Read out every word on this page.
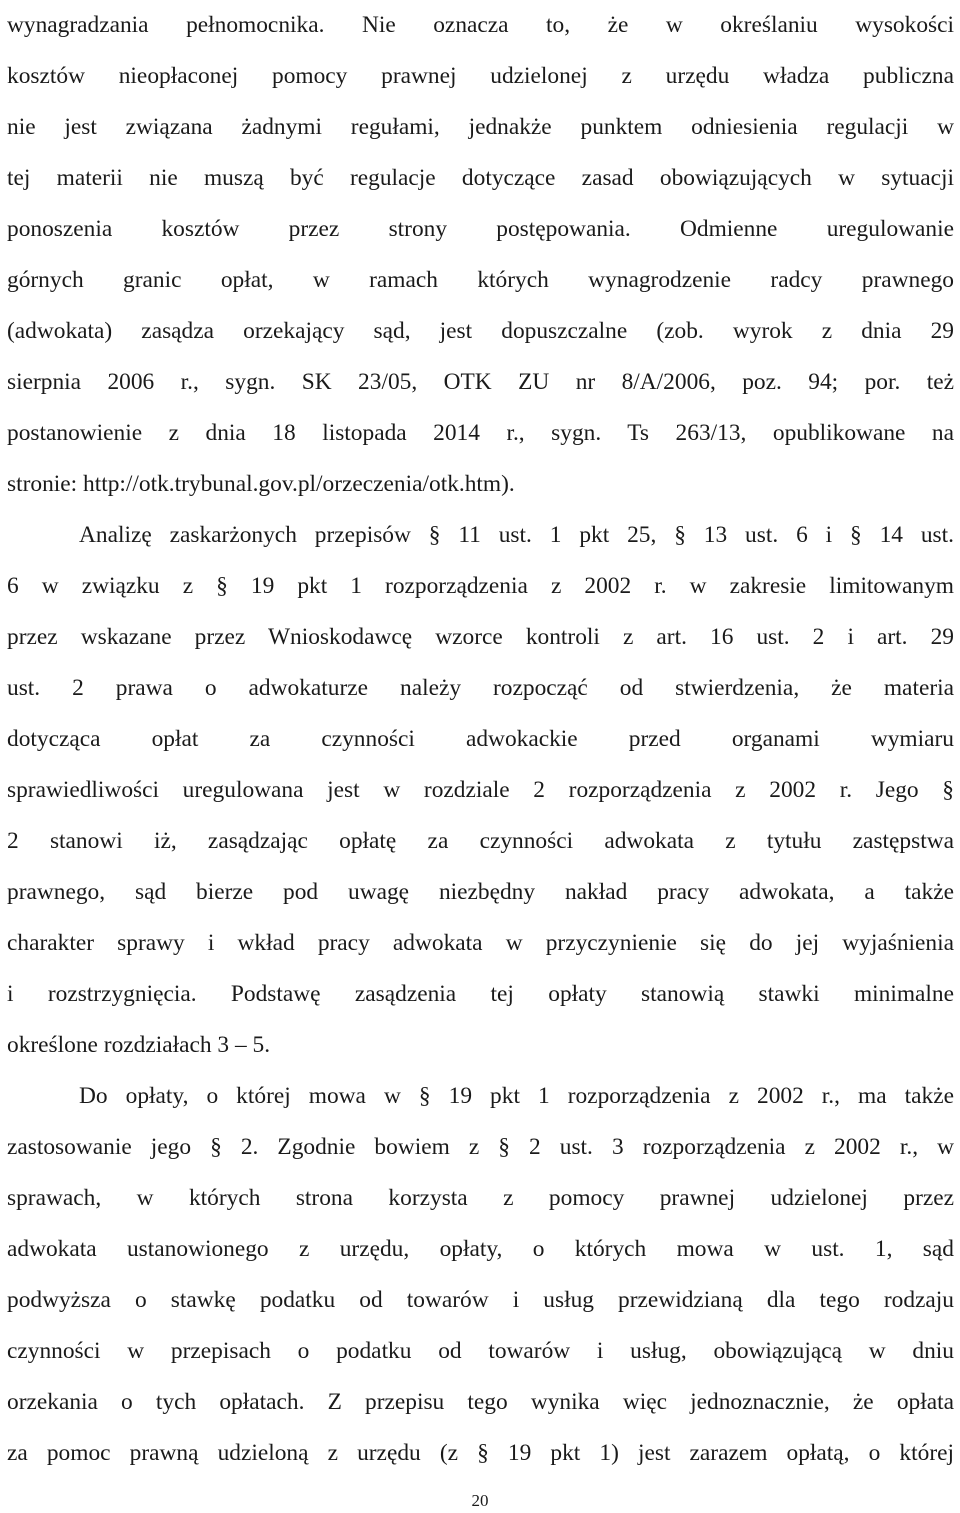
wynagradzania pełnomocnika. Nie oznacza to, że w określaniu wysokości
kosztów nieopłaconej pomocy prawnej udzielonej z urzędu władza publiczna
nie jest związana żadnymi regułami, jednakże punktem odniesienia regulacji w
tej materii nie muszą być regulacje dotyczące zasad obowiązujących w sytuacji
ponoszenia kosztów przez strony postępowania. Odmienne uregulowanie
górnych granic opłat, w ramach których wynagrodzenie radcy prawnego
(adwokata) zasądza orzekający sąd, jest dopuszczalne (zob. wyrok z dnia 29
sierpnia 2006 r., sygn. SK 23/05, OTK ZU nr 8/A/2006, poz. 94; por. też
postanowienie z dnia 18 listopada 2014 r., sygn. Ts 263/13, opublikowane na
stronie: http://otk.trybunal.gov.pl/orzeczenia/otk.htm).
Analizę zaskarżonych przepisów § 11 ust. 1 pkt 25, § 13 ust. 6 i § 14 ust.
6 w związku z § 19 pkt 1 rozporządzenia z 2002 r. w zakresie limitowanym
przez wskazane przez Wnioskodawcę wzorce kontroli z art. 16 ust. 2 i art. 29
ust. 2 prawa o adwokaturze należy rozpocząć od stwierdzenia, że materia
dotycząca opłat za czynności adwokackie przed organami wymiaru
sprawiedliwości uregulowana jest w rozdziale 2 rozporządzenia z 2002 r. Jego §
2 stanowi iż, zasądzając opłatę za czynności adwokata z tytułu zastępstwa
prawnego, sąd bierze pod uwagę niezbędny nakład pracy adwokata, a także
charakter sprawy i wkład pracy adwokata w przyczynienie się do jej wyjaśnienia
i rozstrzygnięcia. Podstawę zasądzenia tej opłaty stanowią stawki minimalne
określone rozdziałach 3 – 5.
Do opłaty, o której mowa w § 19 pkt 1 rozporządzenia z 2002 r., ma także
zastosowanie jego § 2. Zgodnie bowiem z § 2 ust. 3 rozporządzenia z 2002 r., w
sprawach, w których strona korzysta z pomocy prawnej udzielonej przez
adwokata ustanowionego z urzędu, opłaty, o których mowa w ust. 1, sąd
podwyższa o stawkę podatku od towarów i usług przewidzianą dla tego rodzaju
czynności w przepisach o podatku od towarów i usług, obowiązującą w dniu
orzekania o tych opłatach. Z przepisu tego wynika więc jednoznacznie, że opłata
za pomoc prawną udzieloną z urzędu (z § 19 pkt 1) jest zarazem opłatą, o której
20
